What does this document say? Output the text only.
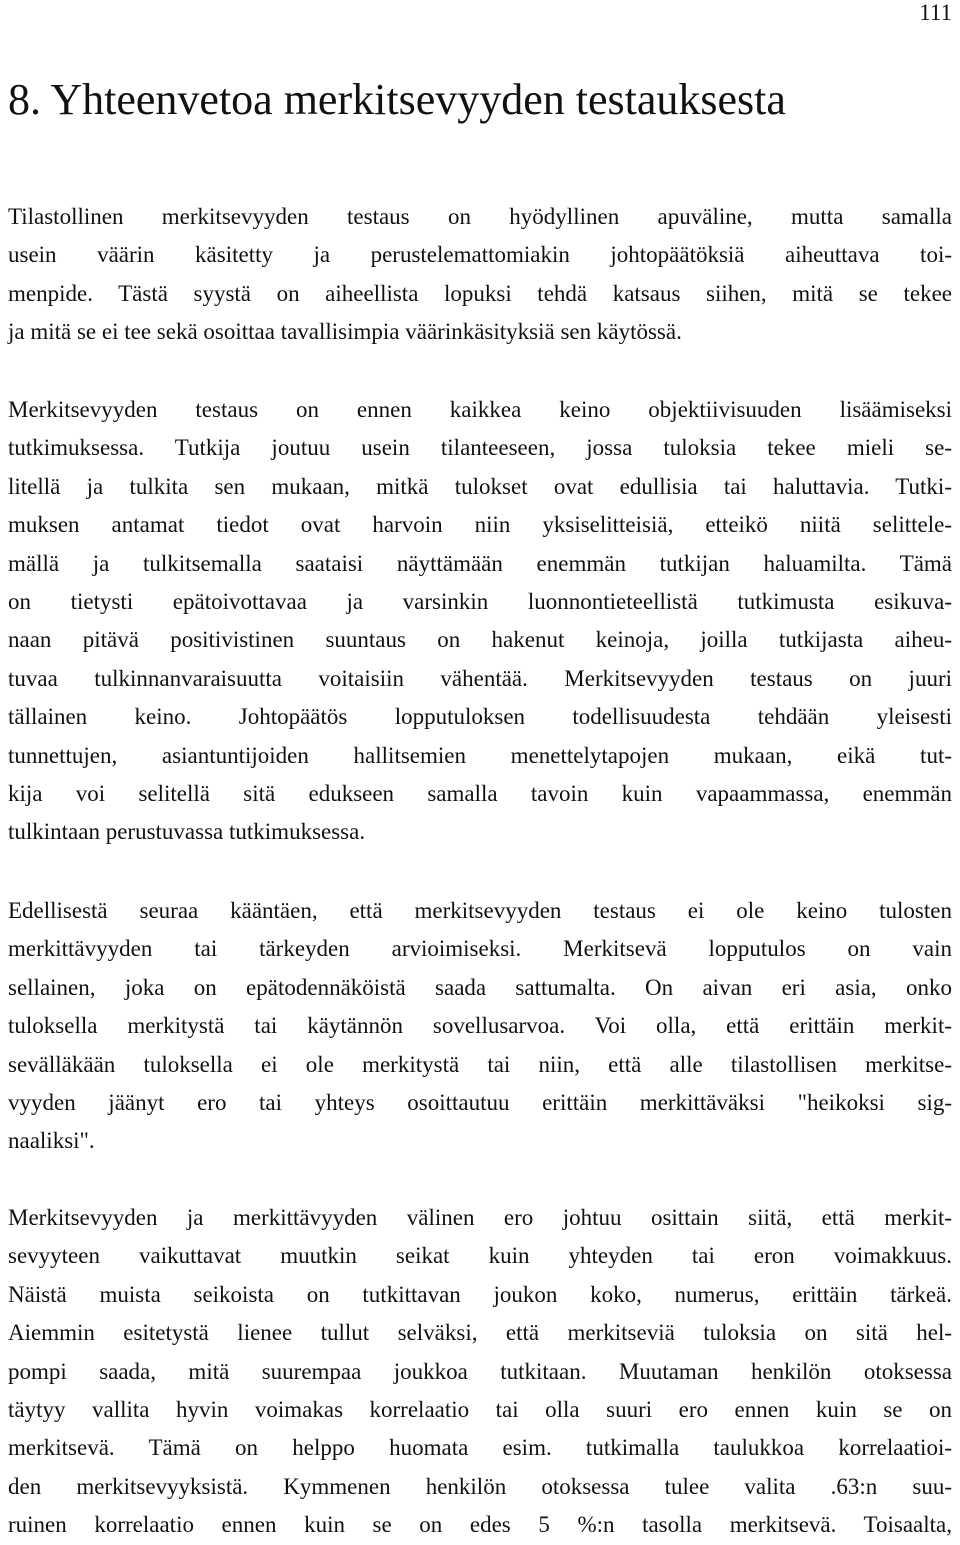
111
8. Yhteenvetoa merkitsevyyden testauksesta

Tilastollinen merkitsevyyden testaus on hyödyllinen apuväline, mutta samalla
usein väärin käsitetty ja perustelemattomiakin johtopäätöksiä aiheuttava toi-
menpide. Tästä syystä on aiheellista lopuksi tehdä katsaus siihen, mitä se tekee
ja mitä se ei tee sekä osoittaa tavallisimpia väärinkäsityksiä sen käytössä.

Merkitsevyyden testaus on ennen kaikkea keino objektiivisuuden lisäämiseksi
tutkimuksessa. Tutkija joutuu usein tilanteeseen, jossa tuloksia tekee mieli se-
litellä ja tulkita sen mukaan, mitkä tulokset ovat edullisia tai haluttavia. Tutki-
muksen antamat tiedot ovat harvoin niin yksiselitteisiä, etteikö niitä selittele-
mällä ja tulkitsemalla saataisi näyttämään enemmän tutkijan haluamilta. Tämä
on tietysti epätoivottavaa ja varsinkin luonnontieteellistä tutkimusta esikuva-
naan pitävä positivistinen suuntaus on hakenut keinoja, joilla tutkijasta aiheu-
tuvaa tulkinnanvaraisuutta voitaisiin vähentää. Merkitsevyyden testaus on juuri
tällainen keino. Johtopäätös lopputuloksen todellisuudesta tehdään yleisesti
tunnettujen, asiantuntijoiden hallitsemien menettelytapojen mukaan, eikä tut-
kija voi selitellä sitä edukseen samalla tavoin kuin vapaammassa, enemmän
tulkintaan perustuvassa tutkimuksessa.

Edellisestä seuraa kääntäen, että merkitsevyyden testaus ei ole keino tulosten
merkittävyyden tai tärkeyden arvioimiseksi. Merkitsevä lopputulos on vain
sellainen, joka on epätodennäköistä saada sattumalta. On aivan eri asia, onko
tuloksella merkitystä tai käytännön sovellusarvoa. Voi olla, että erittäin merkit-
sevälläkään tuloksella ei ole merkitystä tai niin, että alle tilastollisen merkitse-
vyyden jäänyt ero tai yhteys osoittautuu erittäin merkittäväksi "heikoksi sig-
naaliksi".

Merkitsevyyden ja merkittävyyden välinen ero johtuu osittain siitä, että merkit-
sevyyteen vaikuttavat muutkin seikat kuin yhteyden tai eron voimakkuus.
Näistä muista seikoista on tutkittavan joukon koko, numerus, erittäin tärkeä.
Aiemmin esitetystä lienee tullut selväksi, että merkitseviä tuloksia on sitä hel-
pompi saada, mitä suurempaa joukkoa tutkitaan. Muutaman henkilön otoksessa
täytyy vallita hyvin voimakas korrelaatio tai olla suuri ero ennen kuin se on
merkitsevä. Tämä on helppo huomata esim. tutkimalla taulukkoa korrelaatioi-
den merkitsevyyksistä. Kymmenen henkilön otoksessa tulee valita .63:n suu-
ruinen korrelaatio ennen kuin se on edes 5 %:n tasolla merkitsevä. Toisaalta,
